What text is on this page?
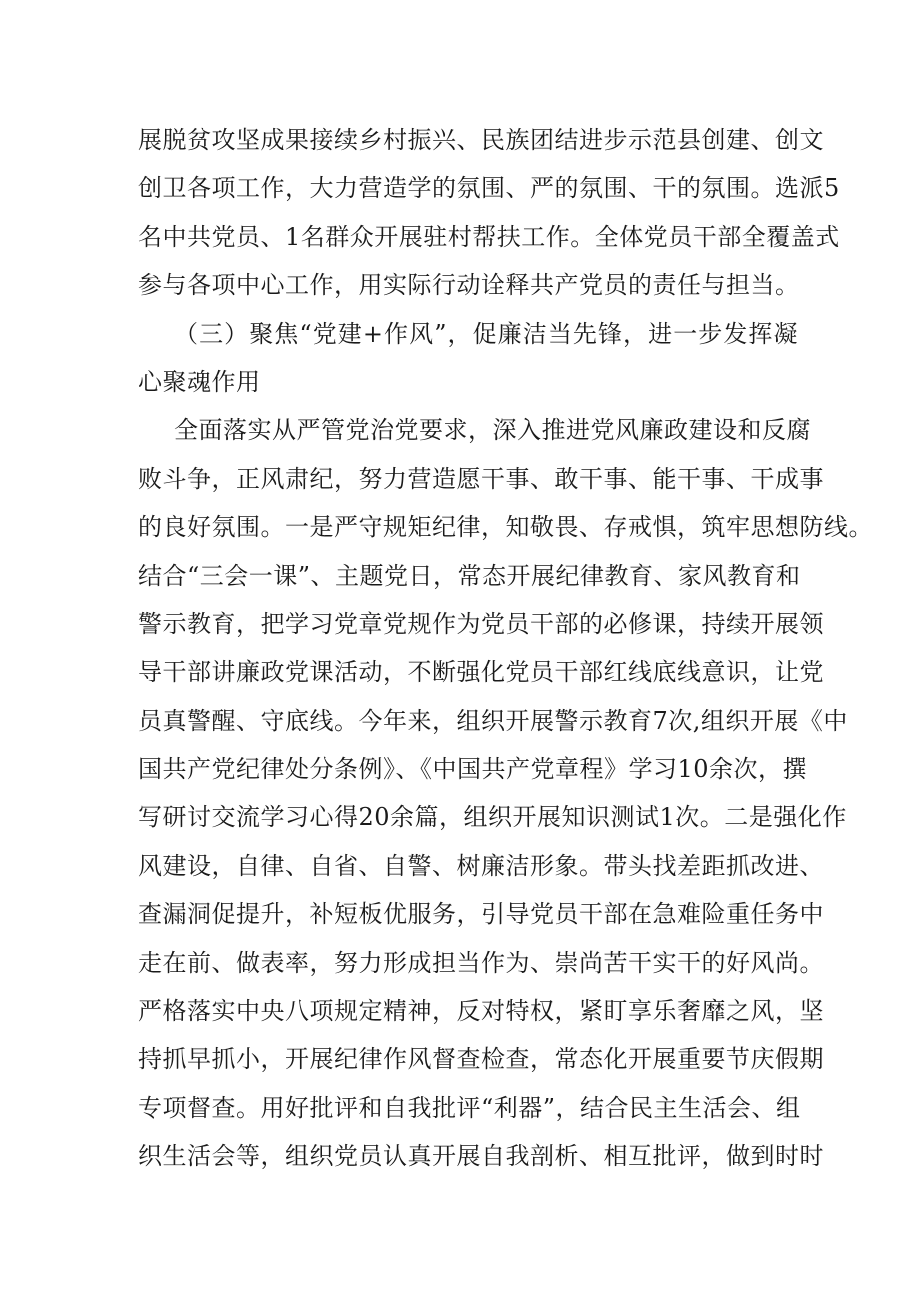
展脱贫攻坚成果接续乡村振兴、民族团结进步示范县创建、创文
创卫各项工作，大力营造学的氛围、严的氛围、干的氛围。选派5
名中共党员、1名群众开展驻村帮扶工作。全体党员干部全覆盖式
参与各项中心工作，用实际行动诠释共产党员的责任与担当。
（三）聚焦“党建+作风”，促廉洁当先锋，进一步发挥凝
心聚魂作用
全面落实从严管党治党要求，深入推进党风廉政建设和反腐
败斗争，正风肃纪，努力营造愿干事、敢干事、能干事、干成事
的良好氛围。一是严守规矩纪律，知敬畏、存戒惧，筑牢思想防线。
结合“三会一课”、主题党日，常态开展纪律教育、家风教育和
警示教育，把学习党章党规作为党员干部的必修课，持续开展领
导干部讲廉政党课活动，不断强化党员干部红线底线意识，让党
员真警醒、守底线。今年来，组织开展警示教育7次,组织开展《中
国共产党纪律处分条例》、《中国共产党章程》学习10余次，撰
写研讨交流学习心得20余篇，组织开展知识测试1次。二是强化作
风建设，自律、自省、自警、树廉洁形象。带头找差距抓改进、
查漏洞促提升，补短板优服务，引导党员干部在急难险重任务中
走在前、做表率，努力形成担当作为、崇尚苦干实干的好风尚。
严格落实中央八项规定精神，反对特权，紧盯享乐奢靡之风，坚
持抓早抓小，开展纪律作风督查检查，常态化开展重要节庆假期
专项督查。用好批评和自我批评“利器”，结合民主生活会、组
织生活会等，组织党员认真开展自我剖析、相互批评，做到时时
